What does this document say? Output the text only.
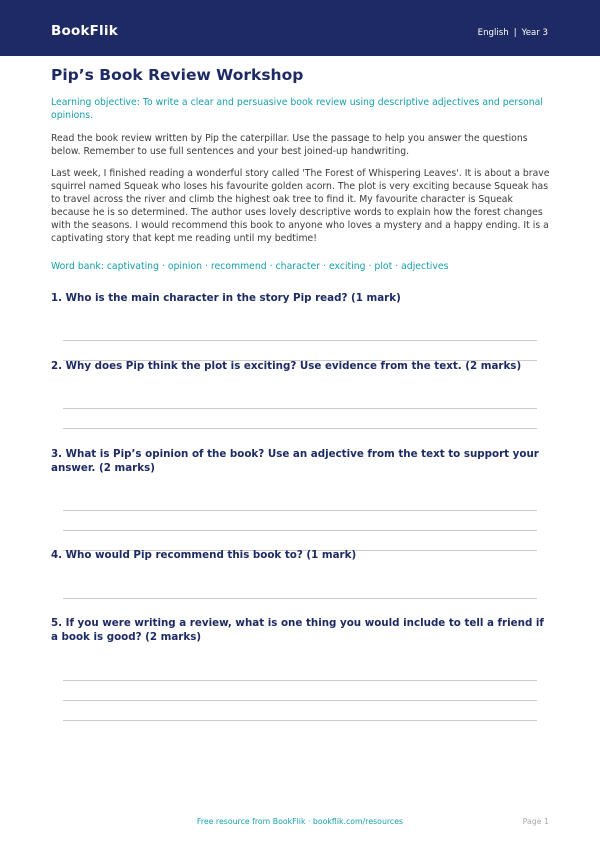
BookFlik	English | Year 3
Pip’s Book Review Workshop
Learning objective: To write a clear and persuasive book review using descriptive adjectives and personal opinions.
Read the book review written by Pip the caterpillar. Use the passage to help you answer the questions below. Remember to use full sentences and your best joined-up handwriting.
Last week, I finished reading a wonderful story called 'The Forest of Whispering Leaves'. It is about a brave squirrel named Squeak who loses his favourite golden acorn. The plot is very exciting because Squeak has to travel across the river and climb the highest oak tree to find it. My favourite character is Squeak because he is so determined. The author uses lovely descriptive words to explain how the forest changes with the seasons. I would recommend this book to anyone who loves a mystery and a happy ending. It is a captivating story that kept me reading until my bedtime!
Word bank: captivating · opinion · recommend · character · exciting · plot · adjectives
1. Who is the main character in the story Pip read? (1 mark)
2. Why does Pip think the plot is exciting? Use evidence from the text. (2 marks)
3. What is Pip’s opinion of the book? Use an adjective from the text to support your answer. (2 marks)
4. Who would Pip recommend this book to? (1 mark)
5. If you were writing a review, what is one thing you would include to tell a friend if a book is good? (2 marks)
Free resource from BookFlik · bookflik.com/resources	Page 1
